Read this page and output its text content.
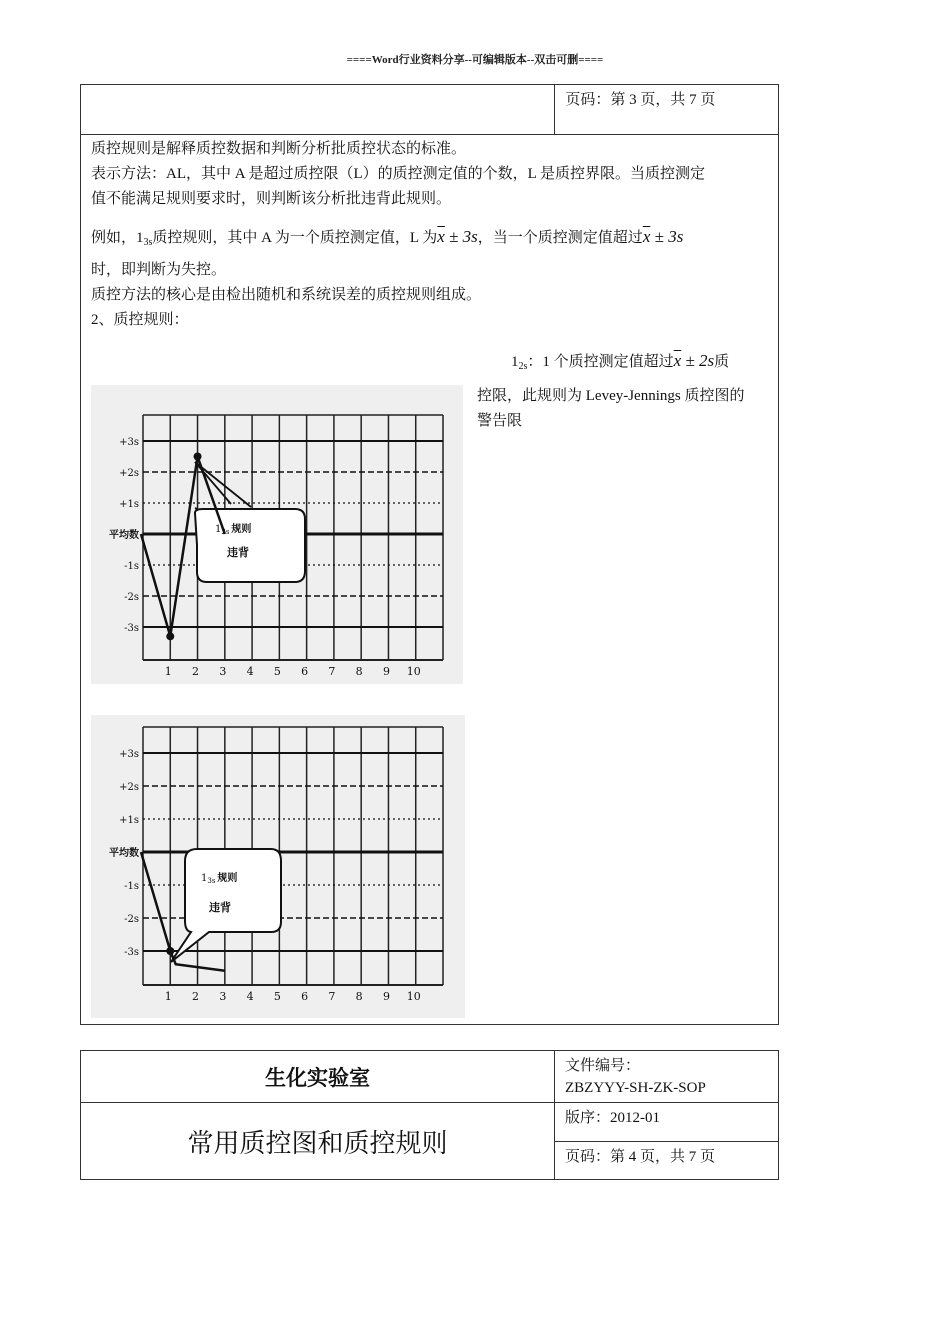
====Word行业资料分享--可编辑版本--双击可删====
	页码：第 3 页，共 7 页

质控规则是解释质控数据和判断分析批质控状态的标准。
表示方法：AL，其中 A 是超过质控限（L）的质控测定值的个数，L 是质控界限。当质控测定
值不能满足规则要求时，则判断该分析批违背此规则。
例如，$1_{3s}$质控规则，其中 A 为一个质控测定值，L 为$\overline{x} \pm 3s$，当一个质控测定值超过$\overline{x} \pm 3s$
时，即判断为失控。
质控方法的核心是由检出随机和系统误差的质控规则组成。
2、质控规则：
$1_{2s}$：1 个质控测定值超过$\overline{x} \pm 2s$质
控限，此规则为 Levey-Jennings 质控图的
警告限
+3s
+2s
+1s
平均数
-1s
-2s
-3s
1 2 3 4 5 6 7 8 9 10
$1_{2s}$ 规则
违背
+3s
+2s
+1s
平均数
-1s
-2s
-3s
1 2 3 4 5 6 7 8 9 10
$1_{3s}$ 规则
违背
生化实验室	文件编号：
ZBZYYY-SH-ZK-SOP

常用质控图和质控规则	版序：2012-01
	页码：第 4 页，共 7 页
